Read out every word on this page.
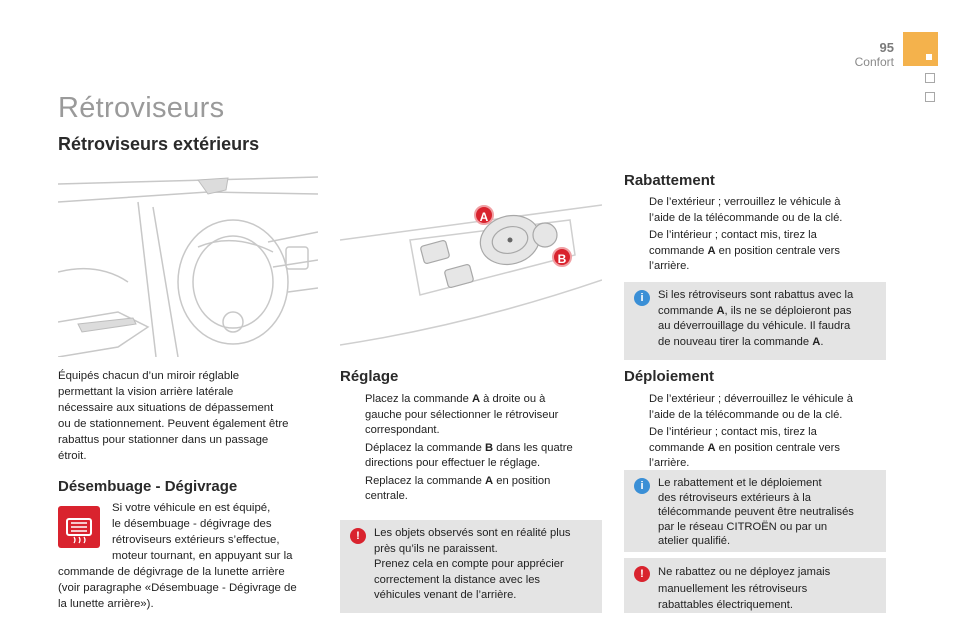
95
Confort
Rétroviseurs
Rétroviseurs extérieurs
A
B
Équipés chacun d’un miroir réglable
permettant la vision arrière latérale
nécessaire aux situations de dépassement
ou de stationnement. Peuvent également être
rabattus pour stationner dans un passage
étroit.
Désembuage - Dégivrage
Si votre véhicule en est équipé,
le désembuage - dégivrage des
rétroviseurs extérieurs s’effectue,
moteur tournant, en appuyant sur la
commande de dégivrage de la lunette arrière
(voir paragraphe «Désembuage - Dégivrage de
la lunette arrière»).
Réglage
Placez la commande A à droite ou à
gauche pour sélectionner le rétroviseur
correspondant.
Déplacez la commande B dans les quatre
directions pour effectuer le réglage.
Replacez la commande A en position
centrale.
!	Les objets observés sont en réalité plus
près qu’ils ne paraissent.
Prenez cela en compte pour apprécier
correctement la distance avec les
véhicules venant de l’arrière.
Rabattement
De l’extérieur ; verrouillez le véhicule à
l’aide de la télécommande ou de la clé.
De l’intérieur ; contact mis, tirez la
commande A en position centrale vers
l’arrière.
i	Si les rétroviseurs sont rabattus avec la
commande A, ils ne se déploieront pas
au déverrouillage du véhicule. Il faudra
de nouveau tirer la commande A.
Déploiement
De l’extérieur ; déverrouillez le véhicule à
l’aide de la télécommande ou de la clé.
De l’intérieur ; contact mis, tirez la
commande A en position centrale vers
l’arrière.
i	Le rabattement et le déploiement
des rétroviseurs extérieurs à la
télécommande peuvent être neutralisés
par le réseau CITROËN ou par un
atelier qualifié.
!	Ne rabattez ou ne déployez jamais
manuellement les rétroviseurs
rabattables électriquement.
